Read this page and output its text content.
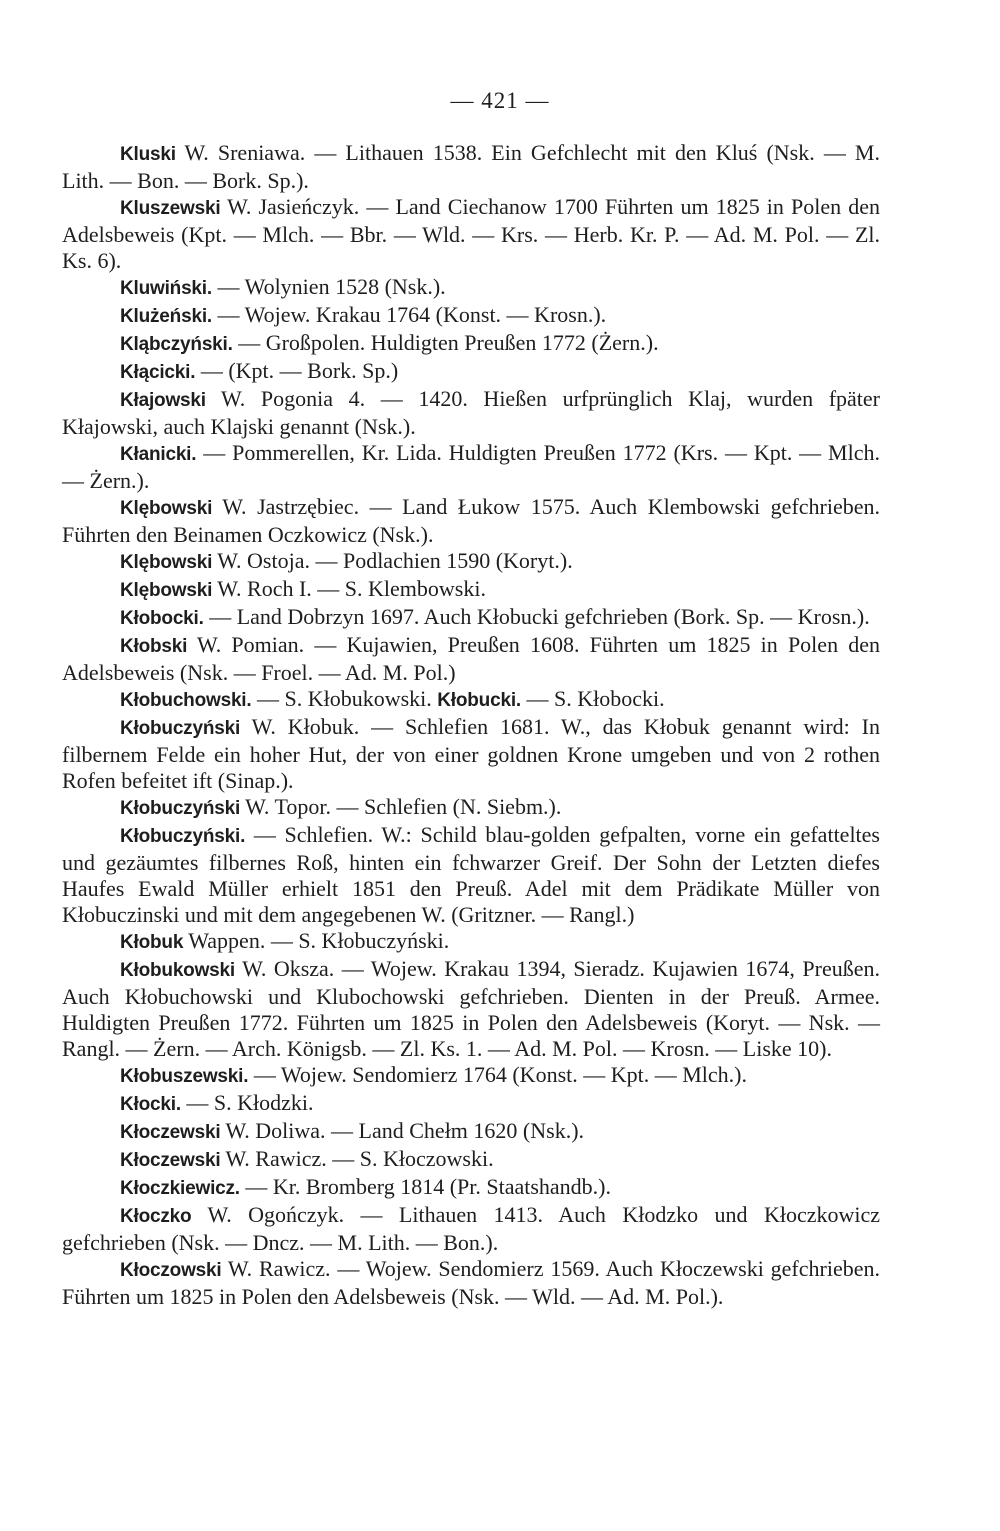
— 421 —

Kluski W. Sreniawa. — Lithauen 1538. Ein Gefchlecht mit den Kluś (Nsk. — M. Lith. — Bon. — Bork. Sp.).

Kluszewski W. Jasieńczyk. — Land Ciechanow 1700 Führten um 1825 in Polen den Adelsbeweis (Kpt. — Mlch. — Bbr. — Wld. — Krs. — Herb. Kr. P. — Ad. M. Pol. — Zl. Ks. 6).

Kluwiński. — Wolynien 1528 (Nsk.).

Klużeński. — Wojew. Krakau 1764 (Konst. — Krosn.).

Kląbczyński. — Großpolen. Huldigten Preußen 1772 (Żern.).

Kłącicki. — (Kpt. — Bork. Sp.)

Kłajowski W. Pogonia 4. — 1420. Hießen urfprünglich Klaj, wurden fpäter Kłajowski, auch Klajski genannt (Nsk.).

Kłanicki. — Pommerellen, Kr. Lida. Huldigten Preußen 1772 (Krs. — Kpt. — Mlch. — Żern.).

Klębowski W. Jastrzębiec. — Land Łukow 1575. Auch Klembowski gefchrieben. Führten den Beinamen Oczkowicz (Nsk.).

Klębowski W. Ostoja. — Podlachien 1590 (Koryt.).

Klębowski W. Roch I. — S. Klembowski.

Kłobocki. — Land Dobrzyn 1697. Auch Kłobucki gefchrieben (Bork. Sp. — Krosn.).

Kłobski W. Pomian. — Kujawien, Preußen 1608. Führten um 1825 in Polen den Adelsbeweis (Nsk. — Froel. — Ad. M. Pol.)

Kłobuchowski. — S. Kłobukowski. Kłobucki. — S. Kłobocki.

Kłobuczyński W. Kłobuk. — Schlefien 1681. W., das Kłobuk genannt wird: In filbernem Felde ein hoher Hut, der von einer goldnen Krone umgeben und von 2 rothen Rofen befeitet ift (Sinap.).

Kłobuczyński W. Topor. — Schlefien (N. Siebm.).

Kłobuczyński. — Schlefien. W.: Schild blau-golden gefpalten, vorne ein gefatteltes und gezäumtes filbernes Roß, hinten ein fchwarzer Greif. Der Sohn der Letzten diefes Haufes Ewald Müller erhielt 1851 den Preuß. Adel mit dem Prädikate Müller von Kłobuczinski und mit dem angegebenen W. (Gritzner. — Rangl.)

Kłobuk Wappen. — S. Kłobuczyński.

Kłobukowski W. Oksza. — Wojew. Krakau 1394, Sieradz. Kujawien 1674, Preußen. Auch Kłobuchowski und Klubochowski gefchrieben. Dienten in der Preuß. Armee. Huldigten Preußen 1772. Führten um 1825 in Polen den Adelsbeweis (Koryt. — Nsk. — Rangl. — Żern. — Arch. Königsb. — Zl. Ks. 1. — Ad. M. Pol. — Krosn. — Liske 10).

Kłobuszewski. — Wojew. Sendomierz 1764 (Konst. — Kpt. — Mlch.).

Kłocki. — S. Kłodzki.

Kłoczewski W. Doliwa. — Land Chełm 1620 (Nsk.).

Kłoczewski W. Rawicz. — S. Kłoczowski.

Kłoczkiewicz. — Kr. Bromberg 1814 (Pr. Staatshandb.).

Kłoczko W. Ogończyk. — Lithauen 1413. Auch Kłodzko und Kłoczkowicz gefchrieben (Nsk. — Dncz. — M. Lith. — Bon.).

Kłoczowski W. Rawicz. — Wojew. Sendomierz 1569. Auch Kłoczewski gefchrieben. Führten um 1825 in Polen den Adelsbeweis (Nsk. — Wld. — Ad. M. Pol.).
